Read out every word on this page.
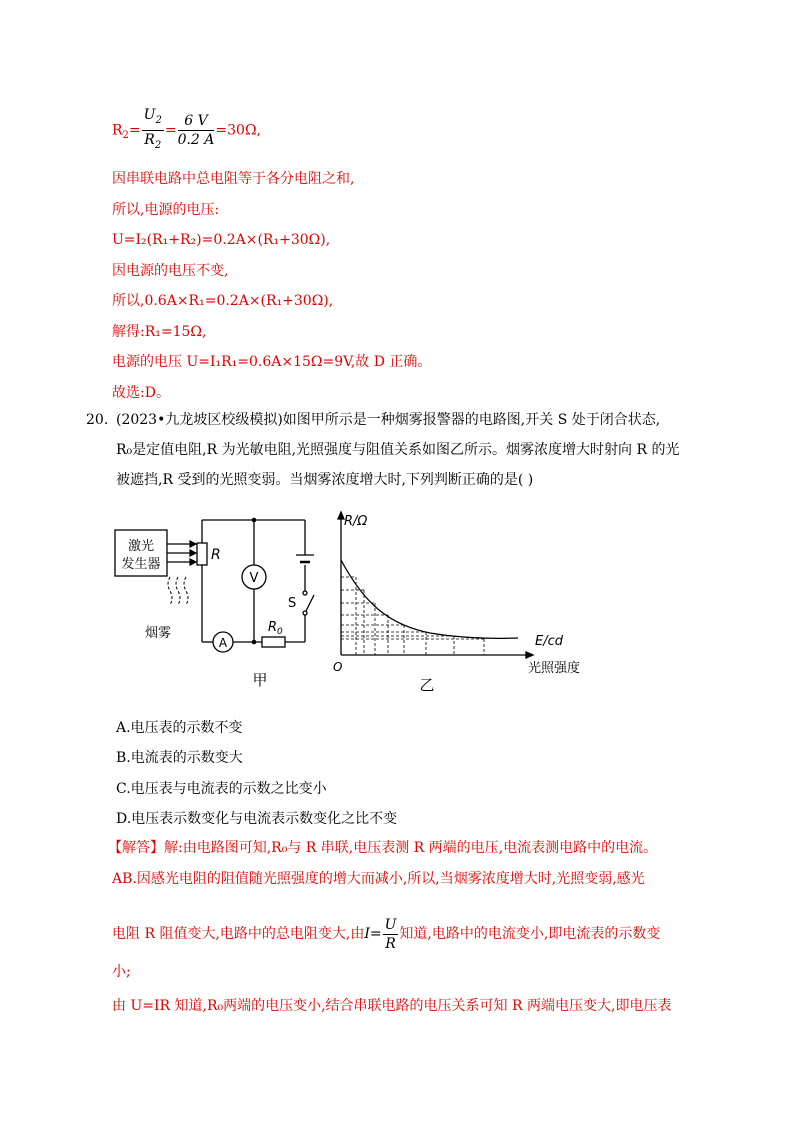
$R_2= \frac{U_2}{R_2} = \frac{6 V}{0.2 A} =30\Omega$,
因串联电路中总电阻等于各分电阻之和,
所以,电源的电压:
U=I₂(R₁+R₂)=0.2A×(R₁+30Ω),
因电源的电压不变,
所以,0.6A×R₁=0.2A×(R₁+30Ω),
解得:R₁=15Ω,
电源的电压 U=I₁R₁=0.6A×15Ω=9V,故 D 正确。
故选:D。
20. (2023•九龙坡区校级模拟)如图甲所示是一种烟雾报警器的电路图,开关 S 处于闭合状态,
R₀是定值电阻,R 为光敏电阻,光照强度与阻值关系如图乙所示。烟雾浓度增大时射向 R 的光
被遮挡,R 受到的光照变弱。当烟雾浓度增大时,下列判断正确的是( )
激光
发生器
R
V
A
$R_0$
S
烟雾
甲
R/Ω
O
E/cd
光照强度
乙
A.电压表的示数不变
B.电流表的示数变大
C.电压表与电流表的示数之比变小
D.电压表示数变化与电流表示数变化之比不变
【解答】解:由电路图可知,R₀与 R 串联,电压表测 R 两端的电压,电流表测电路中的电流。
AB.因感光电阻的阻值随光照强度的增大而减小,所以,当烟雾浓度增大时,光照变弱,感光
电阻 R 阻值变大,电路中的总电阻变大,由$I= \frac{U}{R}$ 知道,电路中的电流变小,即电流表的示数变
小;
由 U=IR 知道,R₀两端的电压变小,结合串联电路的电压关系可知 R 两端电压变大,即电压表
